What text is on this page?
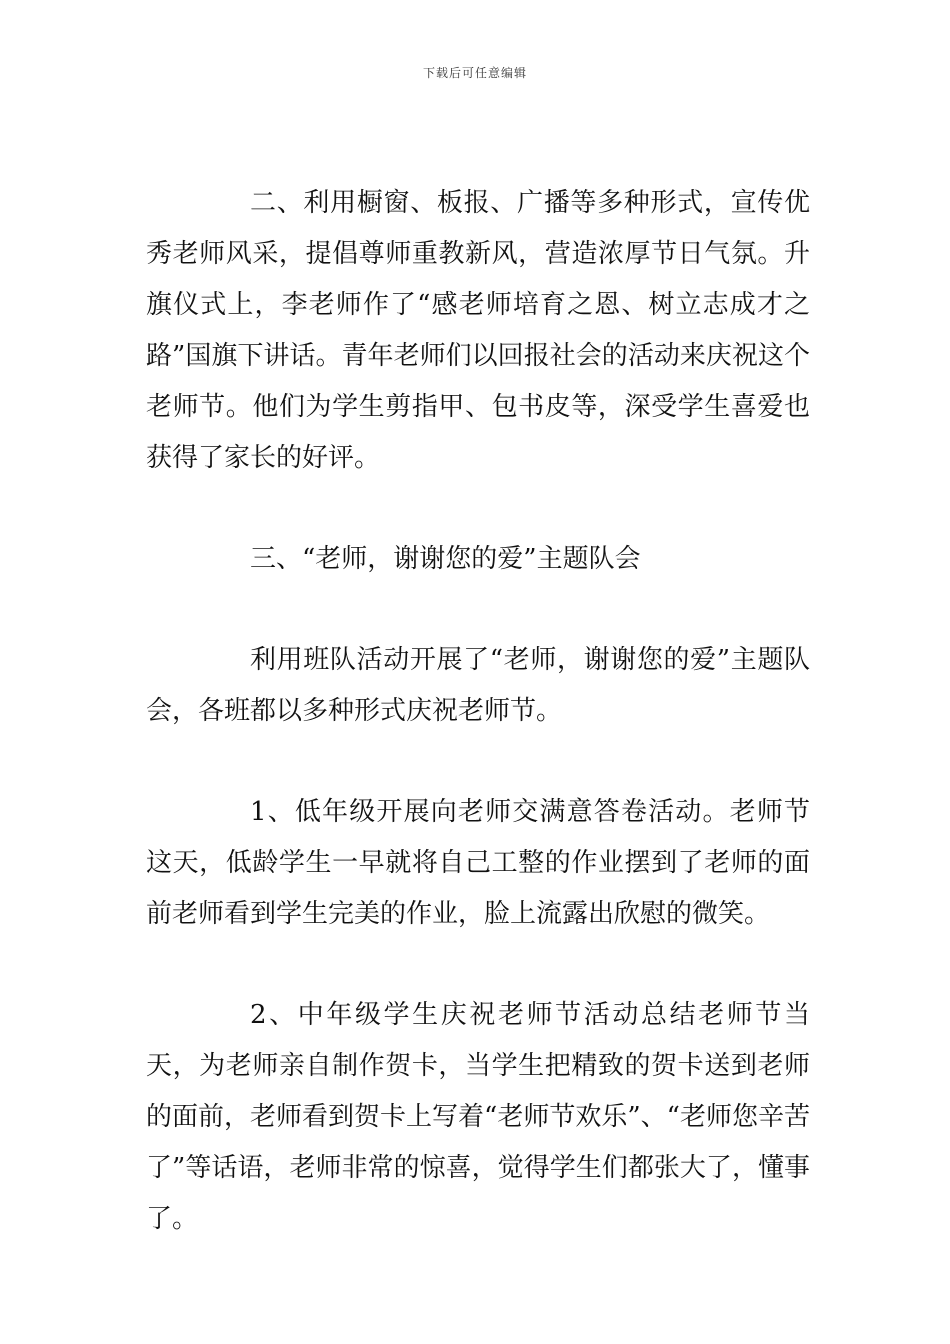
下载后可任意编辑

二、利用橱窗、板报、广播等多种形式，宣传优秀老师风采，提倡尊师重教新风，营造浓厚节日气氛。升旗仪式上，李老师作了“感老师培育之恩、树立志成才之路”国旗下讲话。青年老师们以回报社会的活动来庆祝这个老师节。他们为学生剪指甲、包书皮等，深受学生喜爱也获得了家长的好评。

三、“老师，谢谢您的爱”主题队会

利用班队活动开展了“老师，谢谢您的爱”主题队会，各班都以多种形式庆祝老师节。

1、低年级开展向老师交满意答卷活动。老师节这天，低龄学生一早就将自己工整的作业摆到了老师的面前老师看到学生完美的作业，脸上流露出欣慰的微笑。

2、中年级学生庆祝老师节活动总结老师节当天，为老师亲自制作贺卡，当学生把精致的贺卡送到老师的面前，老师看到贺卡上写着“老师节欢乐”、“老师您辛苦了”等话语，老师非常的惊喜，觉得学生们都张大了，懂事了。
